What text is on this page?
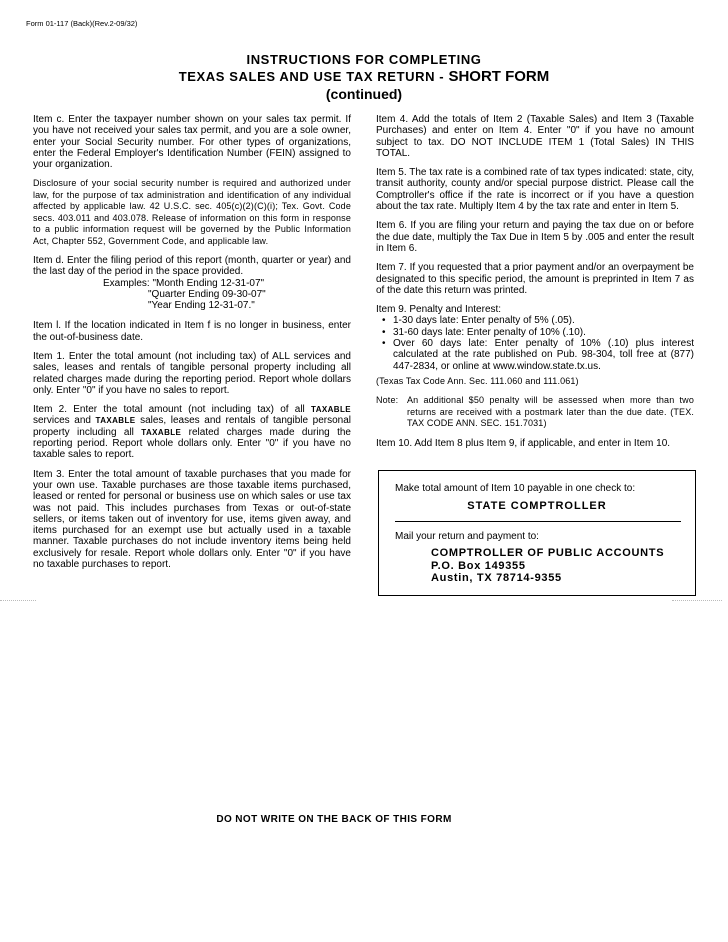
Form 01-117 (Back)(Rev.2-09/32)
INSTRUCTIONS FOR COMPLETING
TEXAS SALES AND USE TAX RETURN - SHORT FORM
(continued)

Item c. Enter the taxpayer number shown on your sales tax permit. If you have not received your sales tax permit, and you are a sole owner, enter your Social Security number. For other types of organizations, enter the Federal Employer's Identification Number (FEIN) assigned to your organization.

Disclosure of your social security number is required and authorized under law, for the purpose of tax administration and identification of any individual affected by applicable law. 42 U.S.C. sec. 405(c)(2)(C)(i); Tex. Govt. Code secs. 403.011 and 403.078. Release of information on this form in response to a public information request will be governed by the Public Information Act, Chapter 552, Government Code, and applicable law.

Item d. Enter the filing period of this report (month, quarter or year) and the last day of the period in the space provided.

Examples: "Month Ending 12-31-07"
"Quarter Ending 09-30-07"
"Year Ending 12-31-07."

Item l. If the location indicated in Item f is no longer in business, enter the out-of-business date.

Item 1. Enter the total amount (not including tax) of ALL services and sales, leases and rentals of tangible personal property including all related charges made during the reporting period. Report whole dollars only. Enter "0" if you have no sales to report.

Item 2. Enter the total amount (not including tax) of all TAXABLE services and TAXABLE sales, leases and rentals of tangible personal property including all TAXABLE related charges made during the reporting period. Report whole dollars only. Enter "0" if you have no taxable sales to report.

Item 3. Enter the total amount of taxable purchases that you made for your own use. Taxable purchases are those taxable items purchased, leased or rented for personal or business use on which sales or use tax was not paid. This includes purchases from Texas or out-of-state sellers, or items taken out of inventory for use, items given away, and items purchased for an exempt use but actually used in a taxable manner. Taxable purchases do not include inventory items being held exclusively for resale. Report whole dollars only. Enter "0" if you have no taxable purchases to report.

Item 4. Add the totals of Item 2 (Taxable Sales) and Item 3 (Taxable Purchases) and enter on Item 4. Enter "0" if you have no amount subject to tax. DO NOT INCLUDE ITEM 1 (Total Sales) IN THIS TOTAL.

Item 5. The tax rate is a combined rate of tax types indicated: state, city, transit authority, county and/or special purpose district. Please call the Comptroller's office if the rate is incorrect or if you have a question about the tax rate. Multiply Item 4 by the tax rate and enter in Item 5.

Item 6. If you are filing your return and paying the tax due on or before the due date, multiply the Tax Due in Item 5 by .005 and enter the result in Item 6.

Item 7. If you requested that a prior payment and/or an overpayment be designated to this specific period, the amount is preprinted in Item 7 as of the date this return was printed.

Item 9. Penalty and Interest:

• 1-30 days late: Enter penalty of 5% (.05).
• 31-60 days late: Enter penalty of 10% (.10).
• Over 60 days late: Enter penalty of 10% (.10) plus interest calculated at the rate published on Pub. 98-304, toll free at (877) 447-2834, or online at www.window.state.tx.us.

(Texas Tax Code Ann. Sec. 111.060 and 111.061)

Note: An additional $50 penalty will be assessed when more than two returns are received with a postmark later than the due date. (TEX. TAX CODE ANN. SEC. 151.7031)

Item 10. Add Item 8 plus Item 9, if applicable, and enter in Item 10.

Make total amount of Item 10 payable in one check to:
STATE COMPTROLLER
Mail your return and payment to:
COMPTROLLER OF PUBLIC ACCOUNTS
P.O. Box 149355
Austin, TX 78714-9355
DO NOT WRITE ON THE BACK OF THIS FORM
